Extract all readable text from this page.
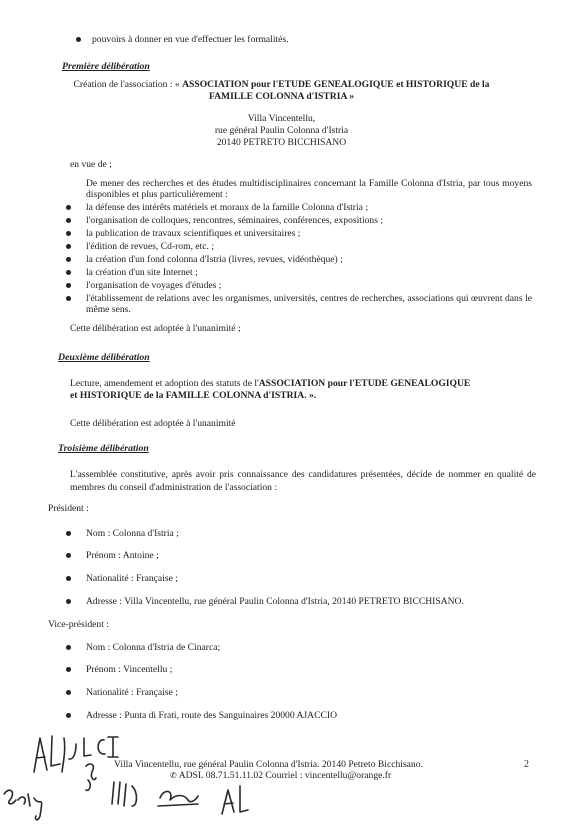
pouvoirs à donner en vue d'effectuer les formalités.
Première délibération
Création de l'association : « ASSOCIATION pour l'ETUDE GENEALOGIQUE et HISTORIQUE de la
FAMILLE COLONNA d'ISTRIA »
Villa Vincentellu,
rue général Paulin Colonna d'Istria
20140 PETRETO BICCHISANO
en vue de ;
De mener des recherches et des études multidisciplinaires concernant la Famille Colonna d'Istria, par tous moyens disponibles et plus particulièrement :
la défense des intérêts matériels et moraux de la famille Colonna d'Istria ;
l'organisation de colloques, rencontres, séminaires, conférences, expositions ;
la publication de travaux scientifiques et universitaires ;
l'édition de revues, Cd-rom, etc. ;
la création d'un fond colonna d'Istria (livres, revues, vidéothèque) ;
la création d'un site Internet ;
l'organisation de voyages d'études ;
l'établissement de relations avec les organismes, universités, centres de recherches, associations qui œuvrent dans le même sens.
Cette délibération est adoptée à l'unanimité ;
Deuxième délibération
Lecture, amendement et adoption des statuts de l'ASSOCIATION pour l'ETUDE GENEALOGIQUE
et HISTORIQUE de la FAMILLE COLONNA d'ISTRIA. ».
Cette délibération est adoptée à l'unanimité
Troisième délibération
L'assemblée constitutive, après avoir pris connaissance des candidatures présentées, décide de nommer en qualité de membres du conseil d'administration de l'association :
Président :
Nom : Colonna d'Istria ;
Prénom : Antoine ;
Nationalité : Française ;
Adresse : Villa Vincentellu, rue général Paulin Colonna d'Istria, 20140 PETRETO BICCHISANO.
Vice-président :
Nom : Colonna d'Istria de Cinarca;
Prénom : Vincentellu ;
Nationalité : Française ;
Adresse : Punta di Frati, route des Sanguinaires 20000 AJACCIO
Villa Vincentellu, rue général Paulin Colonna d'Istria. 20140 Petreto Bicchisano.
✆ ADSL 08.71.51.11.02 Courriel : vincentellu@orange.fr
2
